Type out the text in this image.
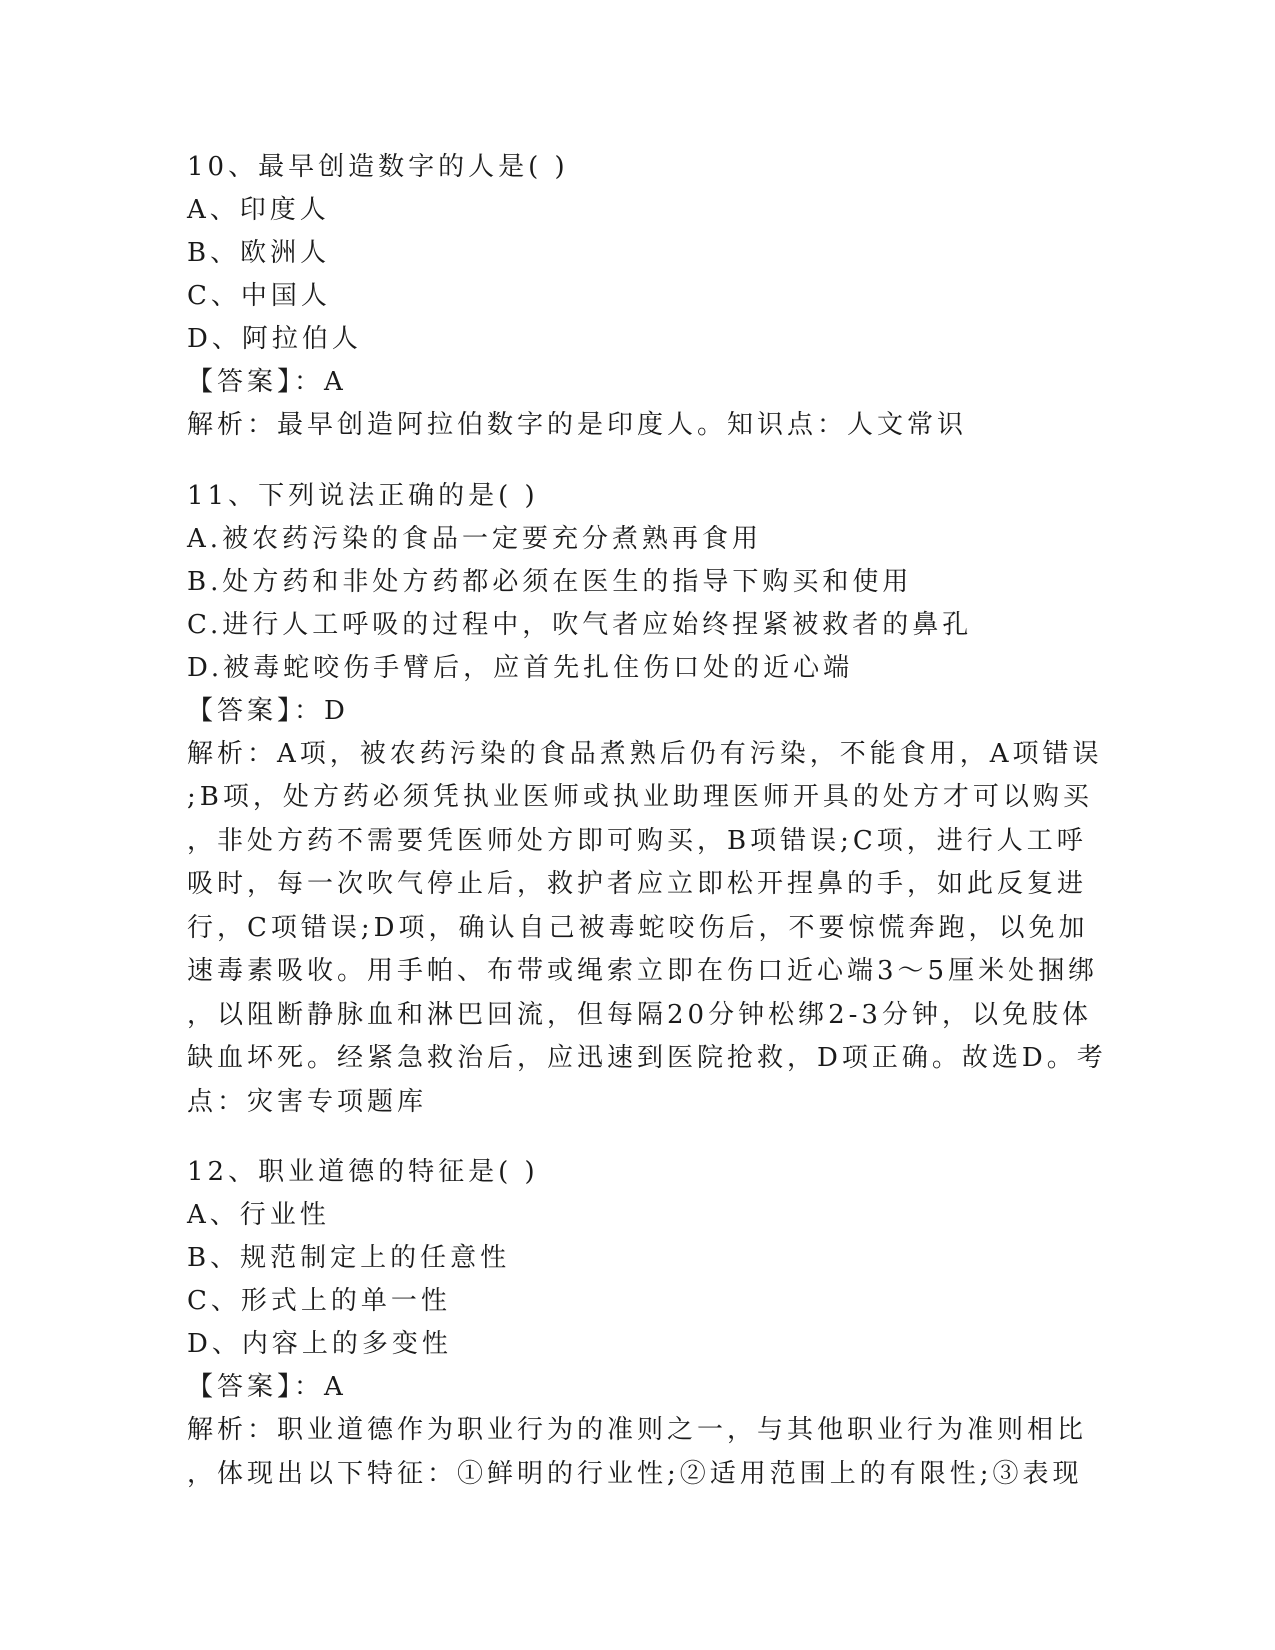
10、最早创造数字的人是( )
A、印度人
B、欧洲人
C、中国人
D、阿拉伯人
【答案】：A
解析：最早创造阿拉伯数字的是印度人。知识点：人文常识
11、下列说法正确的是( )
A.被农药污染的食品一定要充分煮熟再食用
B.处方药和非处方药都必须在医生的指导下购买和使用
C.进行人工呼吸的过程中，吹气者应始终捏紧被救者的鼻孔
D.被毒蛇咬伤手臂后，应首先扎住伤口处的近心端
【答案】：D
解析：A项，被农药污染的食品煮熟后仍有污染，不能食用，A项错误
;B项，处方药必须凭执业医师或执业助理医师开具的处方才可以购买
，非处方药不需要凭医师处方即可购买，B项错误;C项，进行人工呼
吸时，每一次吹气停止后，救护者应立即松开捏鼻的手，如此反复进
行，C项错误;D项，确认自己被毒蛇咬伤后，不要惊慌奔跑，以免加
速毒素吸收。用手帕、布带或绳索立即在伤口近心端3～5厘米处捆绑
，以阻断静脉血和淋巴回流，但每隔20分钟松绑2-3分钟，以免肢体
缺血坏死。经紧急救治后，应迅速到医院抢救，D项正确。故选D。考
点：灾害专项题库
12、职业道德的特征是( )
A、行业性
B、规范制定上的任意性
C、形式上的单一性
D、内容上的多变性
【答案】：A
解析：职业道德作为职业行为的准则之一，与其他职业行为准则相比
，体现出以下特征：①鲜明的行业性;②适用范围上的有限性;③表现
